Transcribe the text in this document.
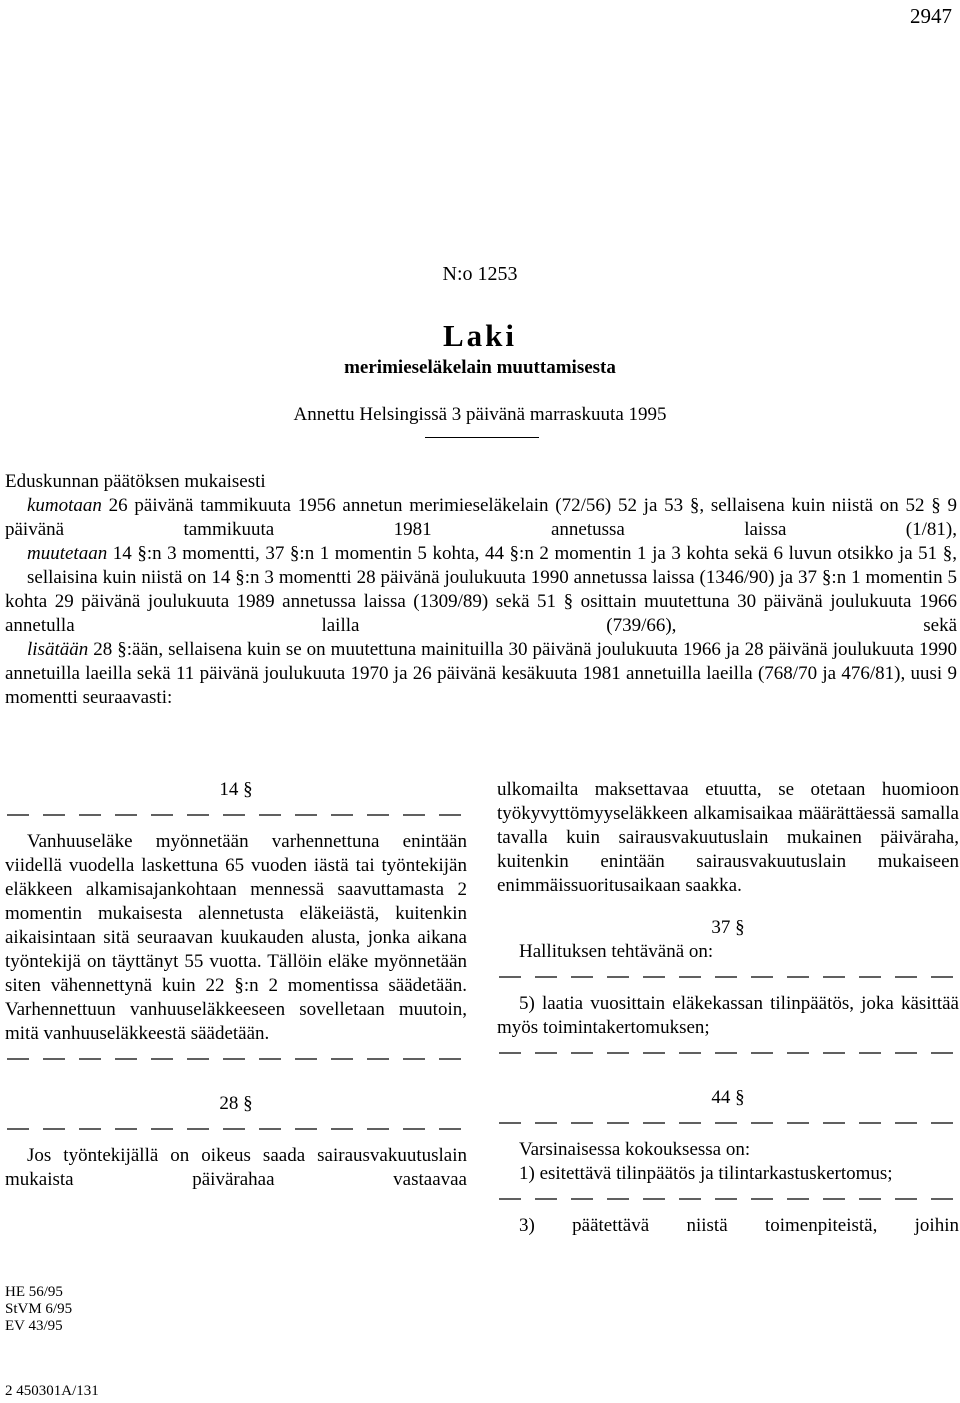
2947
N:o 1253
Laki
merimieseläkelain muuttamisesta
Annettu Helsingissä 3 päivänä marraskuuta 1995

Eduskunnan päätöksen mukaisesti

kumotaan 26 päivänä tammikuuta 1956 annetun merimieseläkelain (72/56) 52 ja 53 §, sellaisena kuin niistä on 52 § 9 päivänä tammikuuta 1981 annetussa laissa (1/81),

muutetaan 14 §:n 3 momentti, 37 §:n 1 momentin 5 kohta, 44 §:n 2 momentin 1 ja 3 kohta sekä 6 luvun otsikko ja 51 §,

sellaisina kuin niistä on 14 §:n 3 momentti 28 päivänä joulukuuta 1990 annetussa laissa (1346/90) ja 37 §:n 1 momentin 5 kohta 29 päivänä joulukuuta 1989 annetussa laissa (1309/89) sekä 51 § osittain muutettuna 30 päivänä joulukuuta 1966 annetulla lailla (739/66), sekä

lisätään 28 §:ään, sellaisena kuin se on muutettuna mainituilla 30 päivänä joulukuuta 1966 ja 28 päivänä joulukuuta 1990 annetuilla laeilla sekä 11 päivänä joulukuuta 1970 ja 26 päivänä kesäkuuta 1981 annetuilla laeilla (768/70 ja 476/81), uusi 9 momentti seuraavasti:

14 §

Vanhuuseläke myönnetään varhennettuna enintään viidellä vuodella laskettuna 65 vuoden iästä tai työntekijän eläkkeen alkamisajankohtaan mennessä saavuttamasta 2 momentin mukaisesta alennetusta eläkeiästä, kuitenkin aikaisintaan sitä seuraavan kuukauden alusta, jonka aikana työntekijä on täyttänyt 55 vuotta. Tällöin eläke myönnetään siten vähennettynä kuin 22 §:n 2 momentissa säädetään. Varhennettuun vanhuuseläkkeeseen sovelletaan muutoin, mitä vanhuuseläkkeestä säädetään.

28 §

Jos työntekijällä on oikeus saada sairausvakuutuslain mukaista päivärahaa vastaavaa

ulkomailta maksettavaa etuutta, se otetaan huomioon työkyvyttömyyseläkkeen alkamisaikaa määrättäessä samalla tavalla kuin sairausvakuutuslain mukainen päiväraha, kuitenkin enintään sairausvakuutuslain mukaiseen enimmäissuoritusaikaan saakka.

37 §

Hallituksen tehtävänä on:

5) laatia vuosittain eläkekassan tilinpäätös, joka käsittää myös toimintakertomuksen;

44 §

Varsinaisessa kokouksessa on:

1) esitettävä tilinpäätös ja tilintarkastuskertomus;

3) päätettävä niistä toimenpiteistä, joihin

HE 56/95
StVM 6/95
EV 43/95
2 450301A/131
